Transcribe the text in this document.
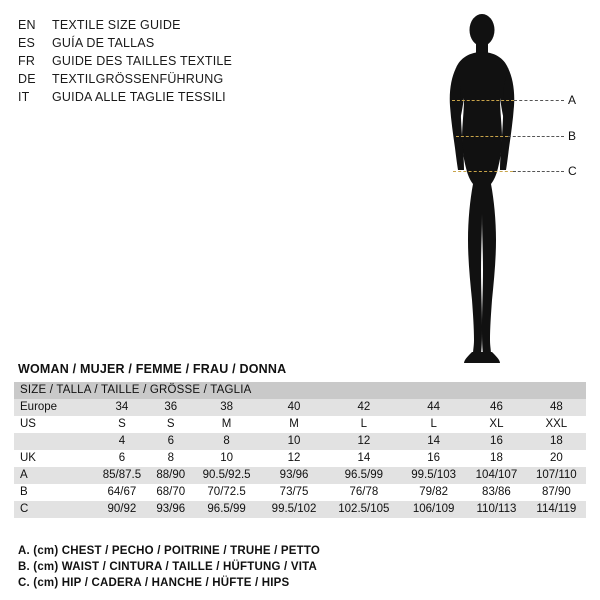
EN	TEXTILE SIZE GUIDE
ES	GUÍA DE TALLAS
FR	GUIDE DES TAILLES TEXTILE
DE	TEXTILGRÖSSENFÜHRUNG
IT	GUIDA ALLE TAGLIE TESSILI	A
B
C
WOMAN / MUJER / FEMME / FRAU / DONNA
SIZE / TALLA / TAILLE / GRÖSSE / TAGLIA								
Europe	34	36	38	40	42	44	46	48
US	S	S	M	M	L	L	XL	XXL
	4	6	8	10	12	14	16	18
UK	6	8	10	12	14	16	18	20
A	85/87.5	88/90	90.5/92.5	93/96	96.5/99	99.5/103	104/107	107/110
B	64/67	68/70	70/72.5	73/75	76/78	79/82	83/86	87/90
C	90/92	93/96	96.5/99	99.5/102	102.5/105	106/109	110/113	114/119
A. (cm) CHEST / PECHO / POITRINE / TRUHE / PETTO
B. (cm) WAIST / CINTURA / TAILLE / HÜFTUNG / VITA
C. (cm) HIP / CADERA / HANCHE / HÜFTE / HIPS
